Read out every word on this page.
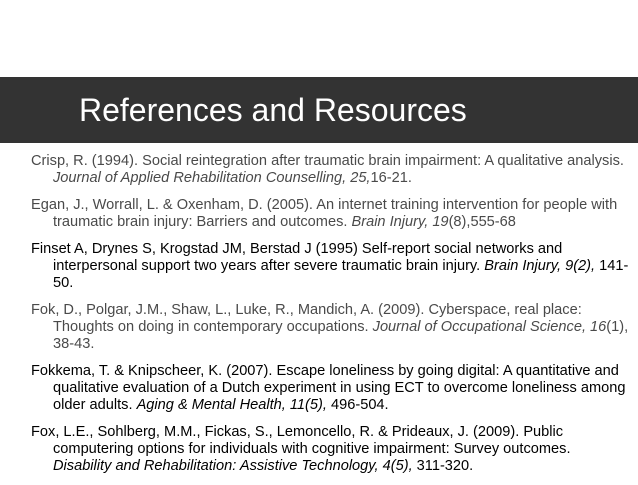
References and Resources

Crisp, R. (1994). Social reintegration after traumatic brain impairment: A qualitative analysis. Journal of Applied Rehabilitation Counselling, 25,16-21.

Egan, J., Worrall, L. & Oxenham, D. (2005). An internet training intervention for people with traumatic brain injury: Barriers and outcomes. Brain Injury, 19(8),555-68

Finset A, Drynes S, Krogstad JM, Berstad J (1995) Self-report social networks and interpersonal support two years after severe traumatic brain injury. Brain Injury, 9(2), 141-50.

Fok, D., Polgar, J.M., Shaw, L., Luke, R., Mandich, A. (2009). Cyberspace, real place: Thoughts on doing in contemporary occupations. Journal of Occupational Science, 16(1), 38-43.

Fokkema, T. & Knipscheer, K. (2007). Escape loneliness by going digital: A quantitative and qualitative evaluation of a Dutch experiment in using ECT to overcome loneliness among older adults. Aging & Mental Health, 11(5), 496-504.

Fox, L.E., Sohlberg, M.M., Fickas, S., Lemoncello, R. & Prideaux, J. (2009). Public computering options for individuals with cognitive impairment: Survey outcomes. Disability and Rehabilitation: Assistive Technology, 4(5), 311-320.
